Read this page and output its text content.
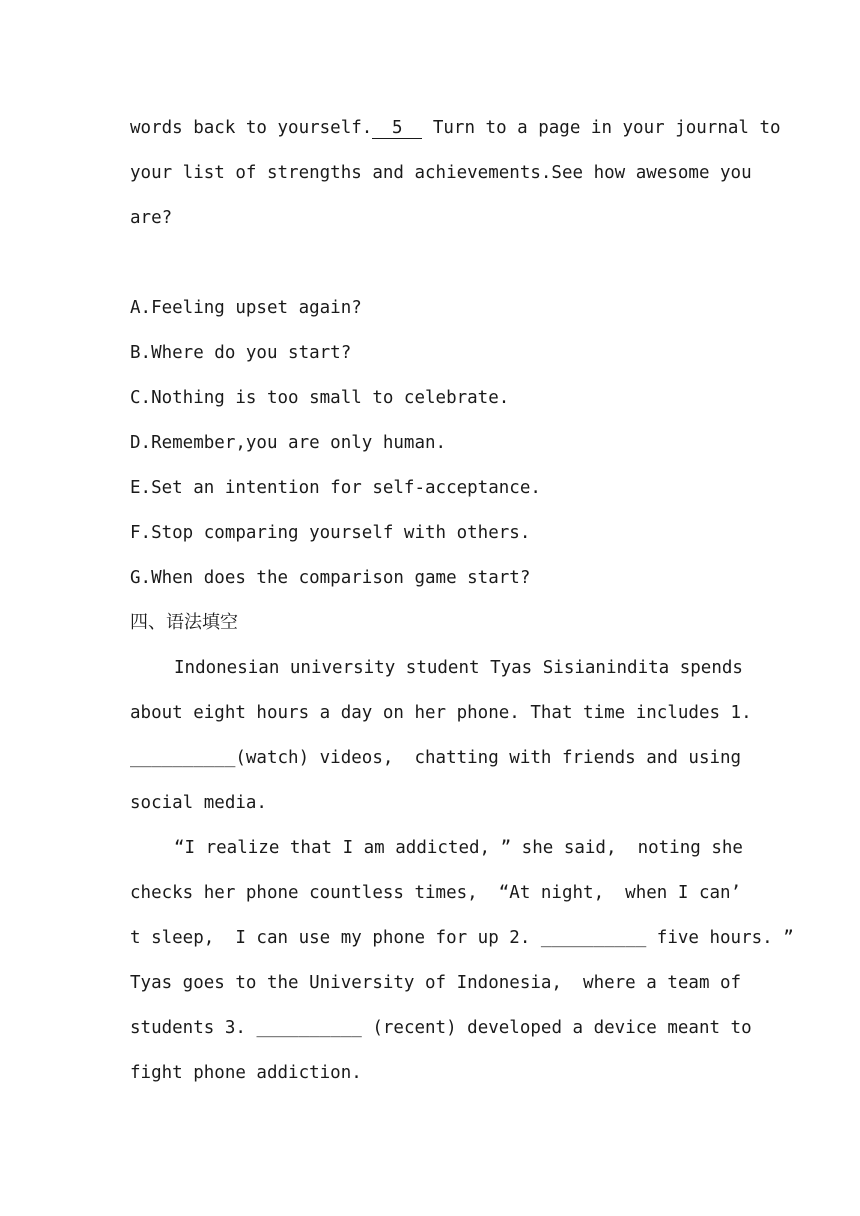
words back to yourself. 5 Turn to a page in your journal to
your list of strengths and achievements.See how awesome you
are?
A.Feeling upset again?
B.Where do you start?
C.Nothing is too small to celebrate.
D.Remember,you are only human.
E.Set an intention for self-acceptance.
F.Stop comparing yourself with others.
G.When does the comparison game start?
四、语法填空
Indonesian university student Tyas Sisianindita spends
about eight hours a day on her phone. That time includes 1.
__________(watch) videos,  chatting with friends and using
social media.
“I realize that I am addicted, ” she said,  noting she
checks her phone countless times,  “At night,  when I can’
t sleep,  I can use my phone for up 2. __________ five hours. ”
Tyas goes to the University of Indonesia,  where a team of
students 3. __________ (recent) developed a device meant to
fight phone addiction.
